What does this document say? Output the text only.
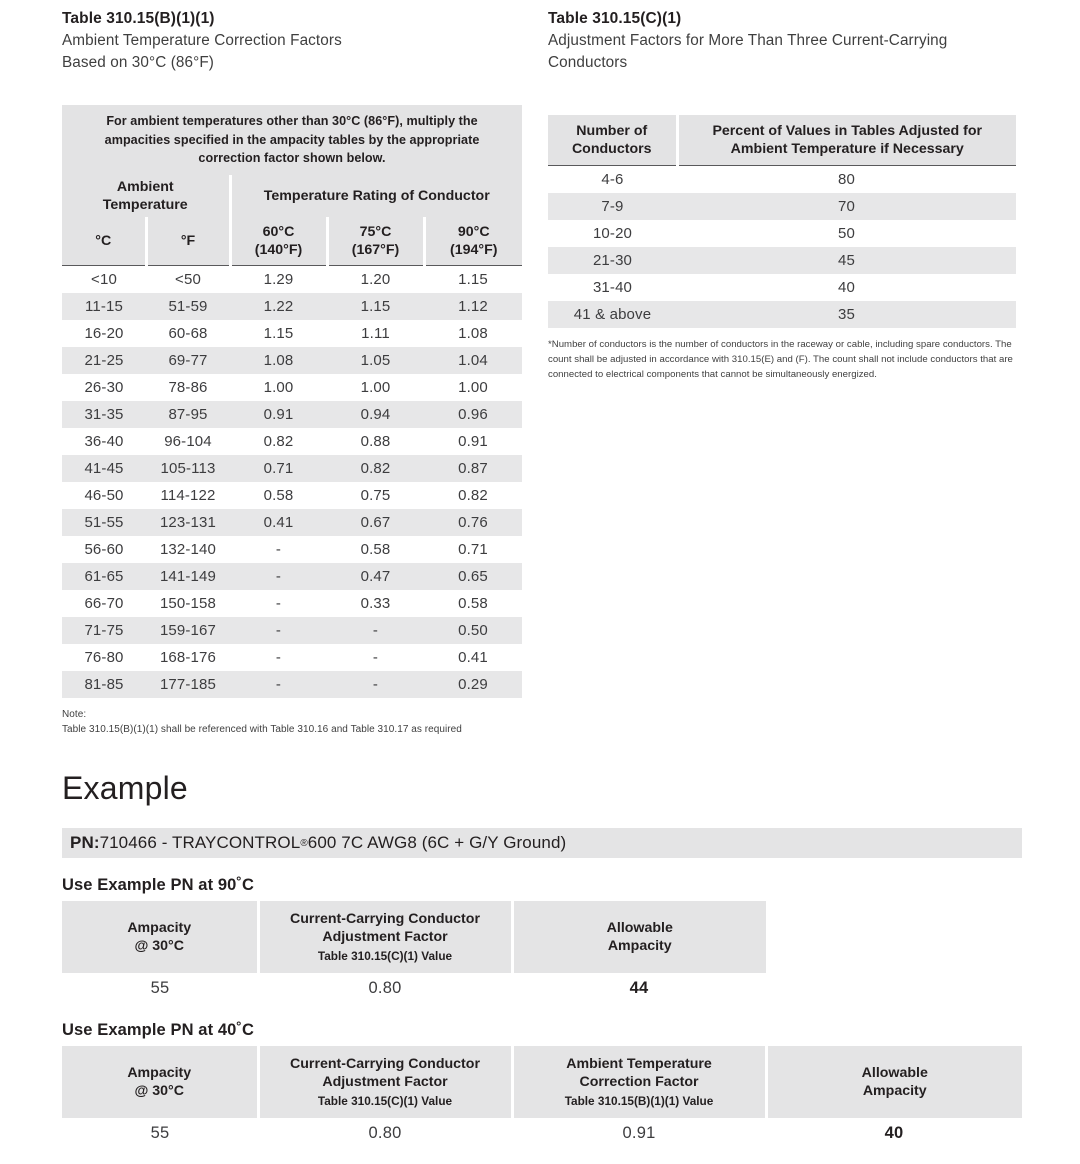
Table 310.15(B)(1)(1)
Ambient Temperature Correction Factors
Based on 30°C (86°F)
For ambient temperatures other than 30°C (86°F), multiply the ampacities specified in the ampacity tables by the appropriate correction factor shown below.				

Ambient
Temperature		Temperature Rating of Conductor		
°C	°F	
60°C
(140°F)

75°C
(167°F)

90°C
(194°F)

<10	<50	1.29	1.20	1.15
11-15	51-59	1.22	1.15	1.12
16-20	60-68	1.15	1.11	1.08
21-25	69-77	1.08	1.05	1.04
26-30	78-86	1.00	1.00	1.00
31-35	87-95	0.91	0.94	0.96
36-40	96-104	0.82	0.88	0.91
41-45	105-113	0.71	0.82	0.87
46-50	114-122	0.58	0.75	0.82
51-55	123-131	0.41	0.67	0.76
56-60	132-140	-	0.58	0.71
61-65	141-149	-	0.47	0.65
66-70	150-158	-	0.33	0.58
71-75	159-167	-	-	0.50
76-80	168-176	-	-	0.41
81-85	177-185	-	-	0.29
Note:
Table 310.15(B)(1)(1) shall be referenced with Table 310.16 and Table 310.17 as required
Table 310.15(C)(1)
Adjustment Factors for More Than Three Current-Carrying
Conductors
Number of
Conductors

Percent of Values in Tables Adjusted for
Ambient Temperature if Necessary

4-6	80
7-9	70
10-20	50
21-30	45
31-40	40
41 & above	35
*Number of conductors is the number of conductors in the raceway or cable, including spare conductors. The count shall be adjusted in accordance with 310.15(E) and (F). The count shall not include conductors that are connected to electrical components that cannot be simultaneously energized.
Example
PN: 710466 - TRAYCONTROL ® 600 7C AWG8 (6C + G/Y Ground)
Use Example PN at 90˚C
Ampacity
@ 30°C

Current-Carrying Conductor
Adjustment Factor
Table 310.15(C)(1) Value

Allowable
Ampacity

55	0.80	44
Use Example PN at 40˚C
Ampacity
@ 30°C

Current-Carrying Conductor
Adjustment Factor
Table 310.15(C)(1) Value

Ambient Temperature
Correction Factor
Table 310.15(B)(1)(1) Value

Allowable
Ampacity

55	0.80	0.91	40
